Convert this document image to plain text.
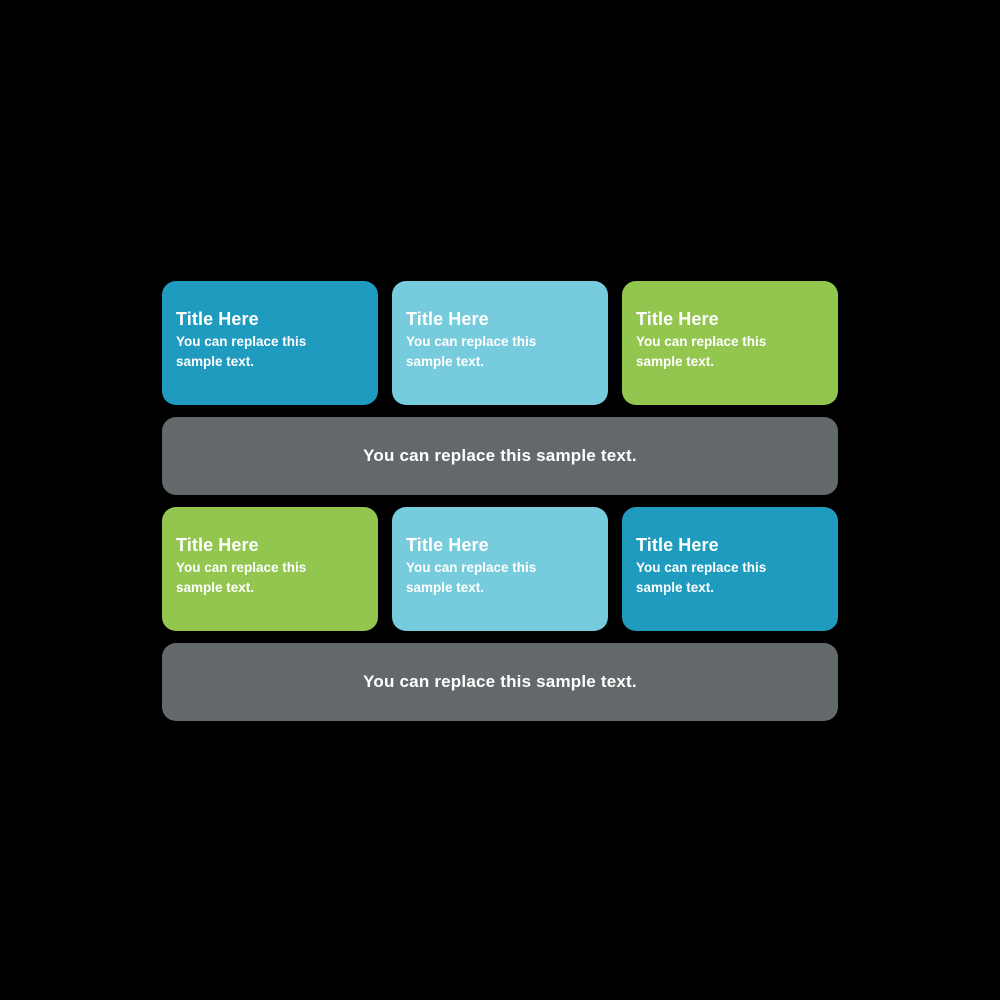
Title Here
You can replace this sample text.
Title Here
You can replace this sample text.
Title Here
You can replace this sample text.
You can replace this sample text.
Title Here
You can replace this sample text.
Title Here
You can replace this sample text.
Title Here
You can replace this sample text.
You can replace this sample text.
